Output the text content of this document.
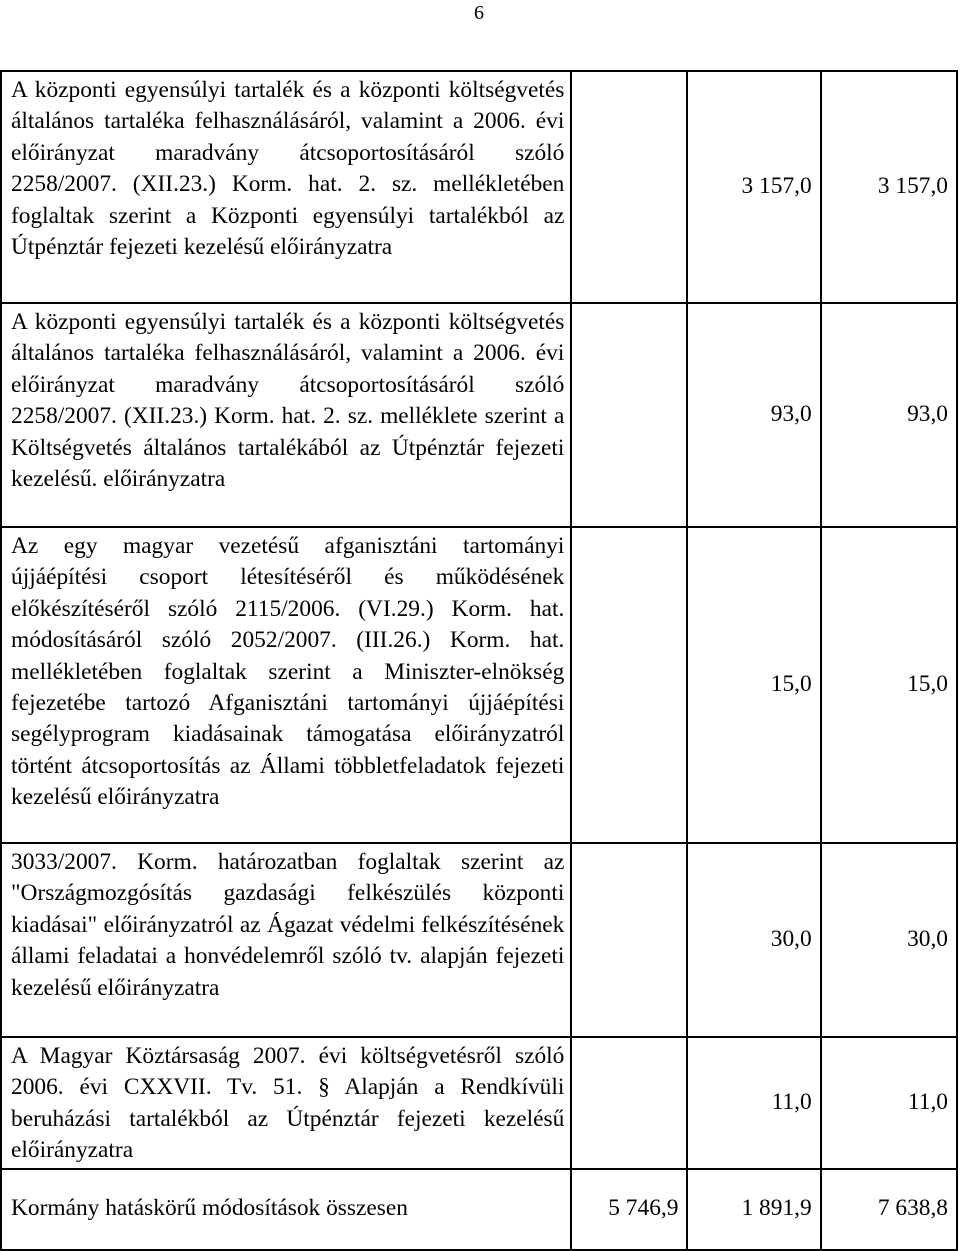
6
A központi egyensúlyi tartalék és a központi költségvetés általános tartaléka felhasználásáról, valamint a 2006. évi előirányzat maradvány átcsoportosításáról szóló 2258/2007. (XII.23.) Korm. hat. 2. sz. mellékletében foglaltak szerint a Központi egyensúlyi tartalékból az Útpénztár fejezeti kezelésű előirányzatra		3 157,0	3 157,0
A központi egyensúlyi tartalék és a központi költségvetés általános tartaléka felhasználásáról, valamint a 2006. évi előirányzat maradvány átcsoportosításáról szóló 2258/2007. (XII.23.) Korm. hat. 2. sz. melléklete szerint a Költségvetés általános tartalékából az Útpénztár fejezeti kezelésű. előirányzatra		93,0	93,0
Az egy magyar vezetésű afganisztáni tartományi újjáépítési csoport létesítéséről és működésének előkészítéséről szóló 2115/2006. (VI.29.) Korm. hat. módosításáról szóló 2052/2007. (III.26.) Korm. hat. mellékletében foglaltak szerint a Miniszter-elnökség fejezetébe tartozó Afganisztáni tartományi újjáépítési segélyprogram kiadásainak támogatása előirányzatról történt átcsoportosítás az Állami többletfeladatok fejezeti kezelésű előirányzatra		15,0	15,0
3033/2007. Korm. határozatban foglaltak szerint az "Országmozgósítás gazdasági felkészülés központi kiadásai" előirányzatról az Ágazat védelmi felkészítésének állami feladatai a honvédelemről szóló tv. alapján fejezeti kezelésű előirányzatra		30,0	30,0
A Magyar Köztársaság 2007. évi költségvetésről szóló 2006. évi CXXVII. Tv. 51. § Alapján a Rendkívüli beruházási tartalékból az Útpénztár fejezeti kezelésű előirányzatra		11,0	11,0
Kormány hatáskörű módosítások összesen	5 746,9	1 891,9	7 638,8
